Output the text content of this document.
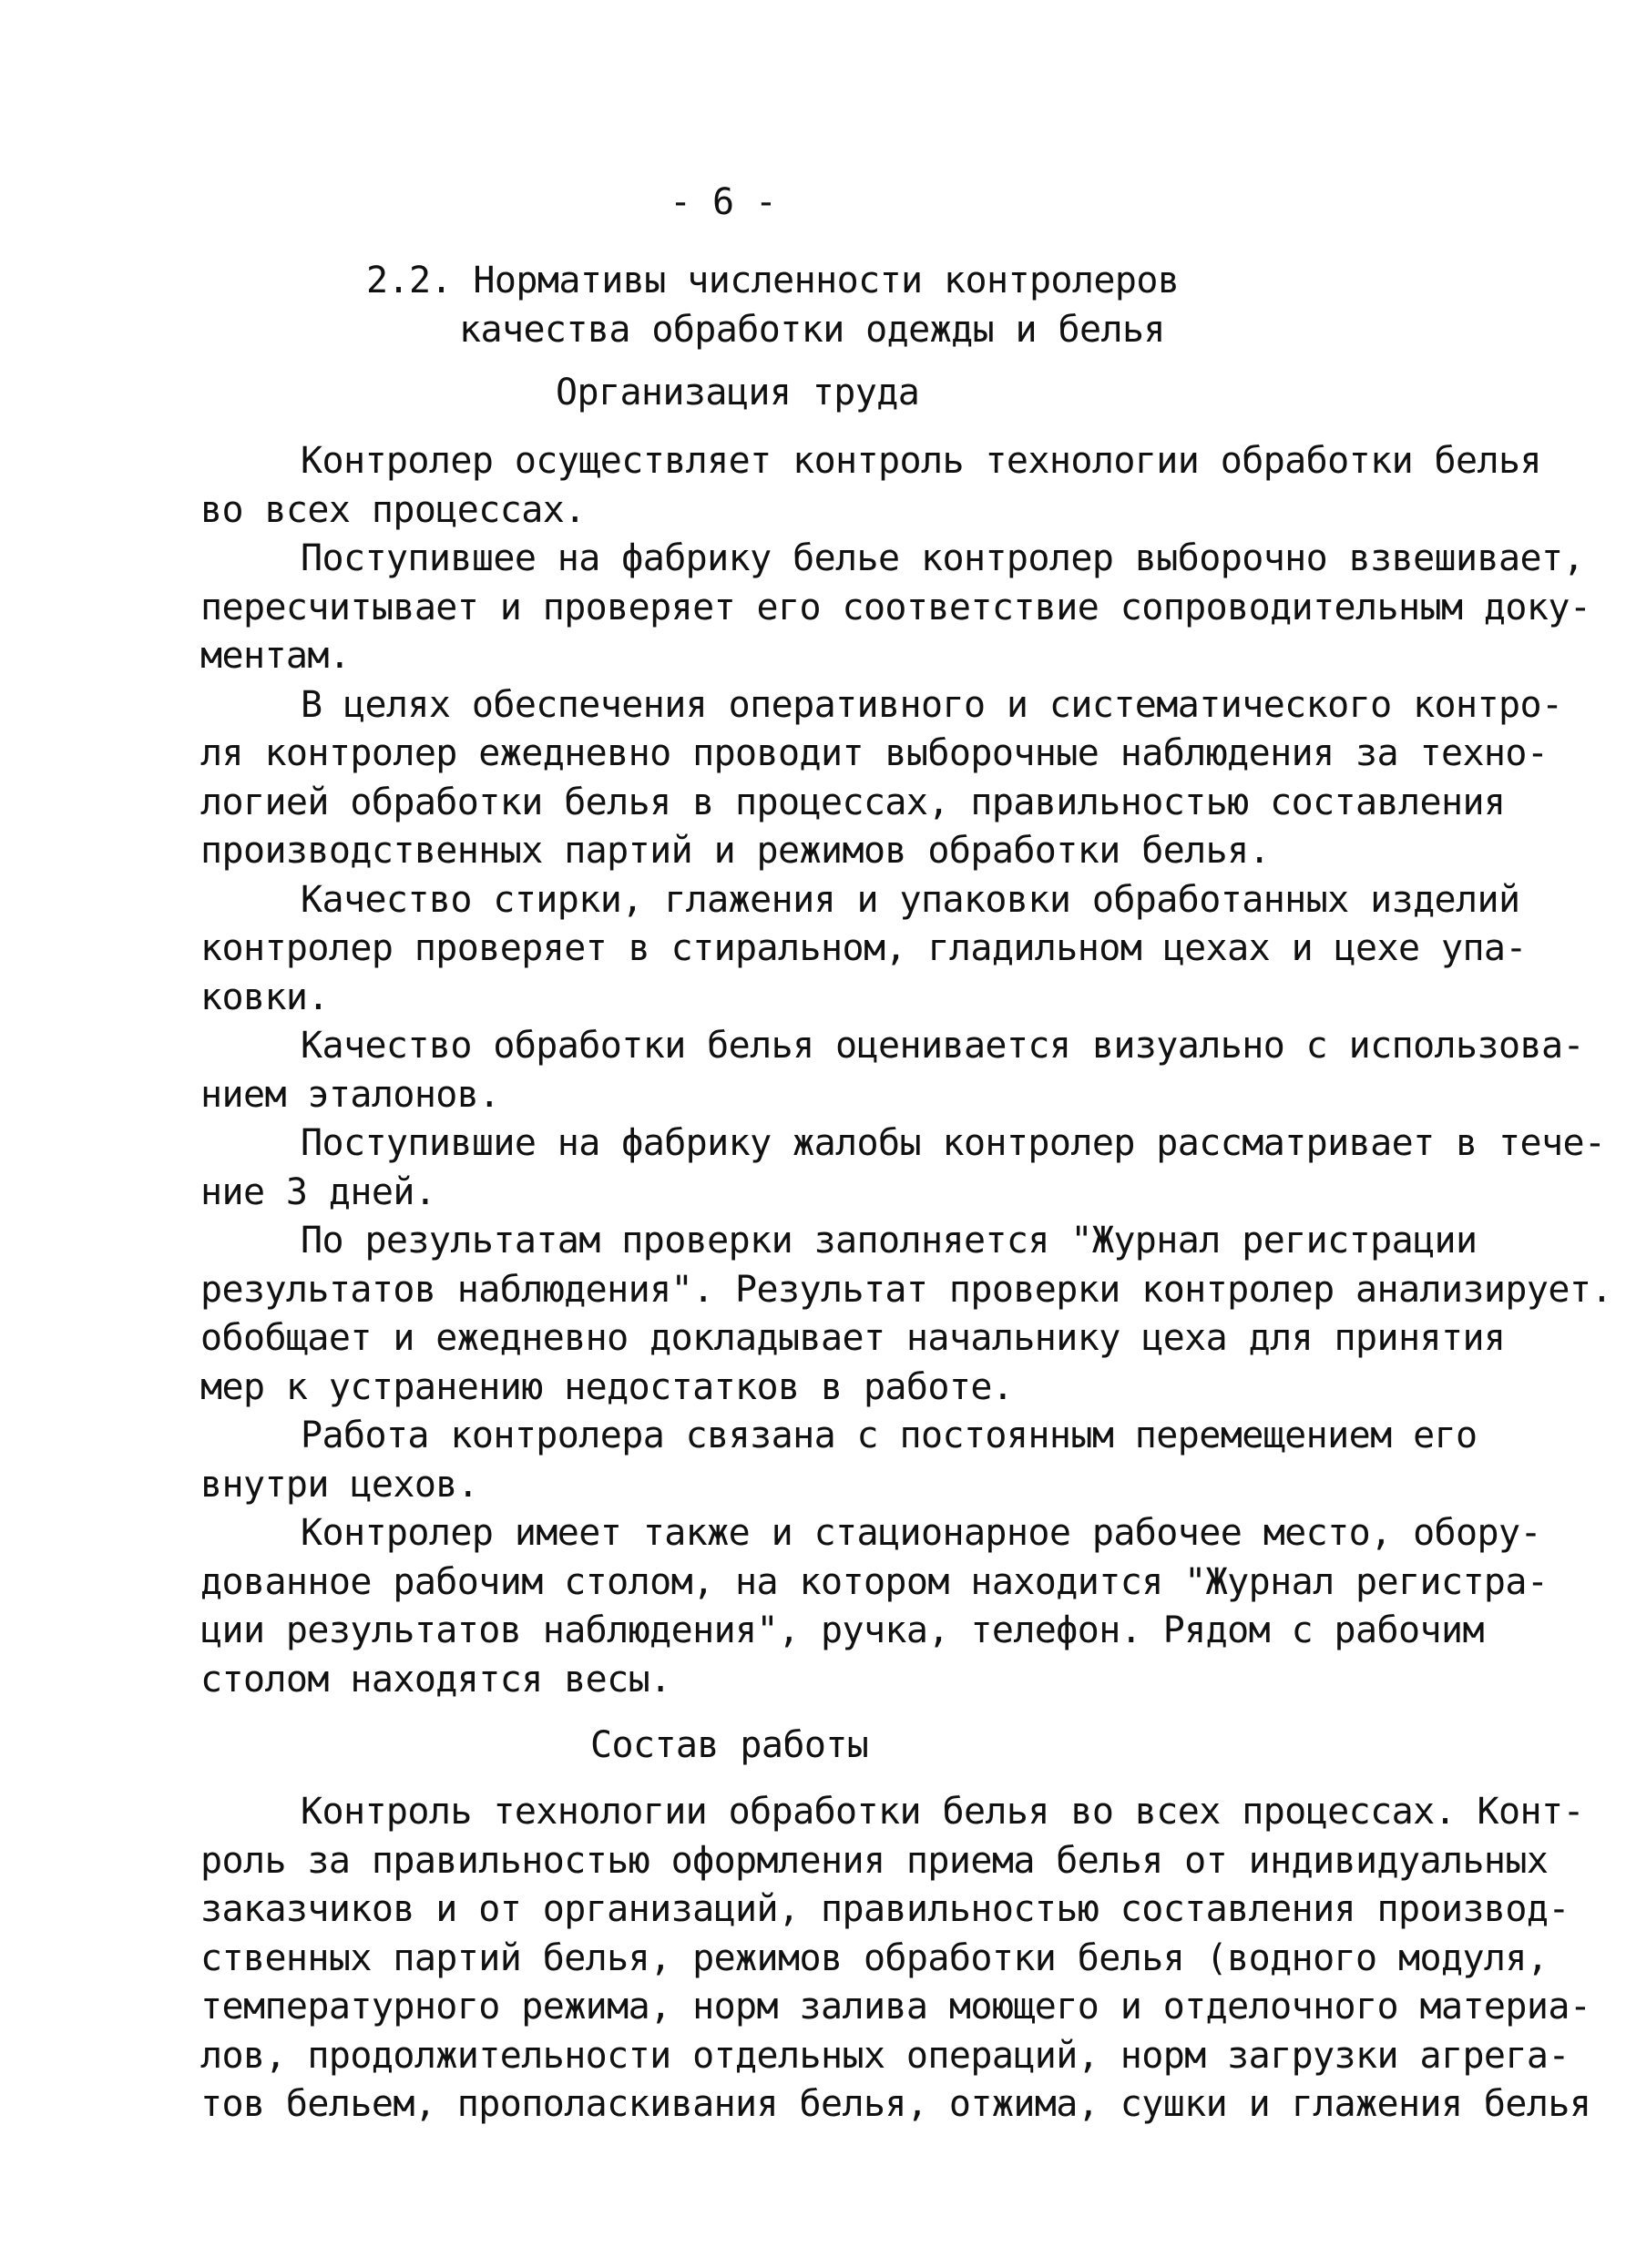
- 6 -
2.2. Нормативы численности контролеров
качества обработки одежды и белья
Организация труда
Контролер осуществляет контроль технологии обработки белья
во всех процессах.
Поступившее на фабрику белье контролер выборочно взвешивает,
пересчитывает и проверяет его соответствие сопроводительным доку-
ментам.
В целях обеспечения оперативного и систематического контро-
ля контролер ежедневно проводит выборочные наблюдения за техно-
логией обработки белья в процессах, правильностью составления
производственных партий и режимов обработки белья.
Качество стирки, глажения и упаковки обработанных изделий
контролер проверяет в стиральном, гладильном цехах и цехе упа-
ковки.
Качество обработки белья оценивается визуально с использова-
нием эталонов.
Поступившие на фабрику жалобы контролер рассматривает в тече-
ние 3 дней.
По результатам проверки заполняется "Журнал регистрации
результатов наблюдения". Результат проверки контролер анализирует.
обобщает и ежедневно докладывает начальнику цеха для принятия
мер к устранению недостатков в работе.
Работа контролера связана с постоянным перемещением его
внутри цехов.
Контролер имеет также и стационарное рабочее место, обору-
дованное рабочим столом, на котором находится "Журнал регистра-
ции результатов наблюдения", ручка, телефон. Рядом с рабочим
столом находятся весы.
Состав работы
Контроль технологии обработки белья во всех процессах. Конт-
роль за правильностью оформления приема белья от индивидуальных
заказчиков и от организаций, правильностью составления производ-
ственных партий белья, режимов обработки белья (водного модуля,
температурного режима, норм залива моющего и отделочного материа-
лов, продолжительности отдельных операций, норм загрузки агрега-
тов бельем, прополаскивания белья, отжима, сушки и глажения белья
